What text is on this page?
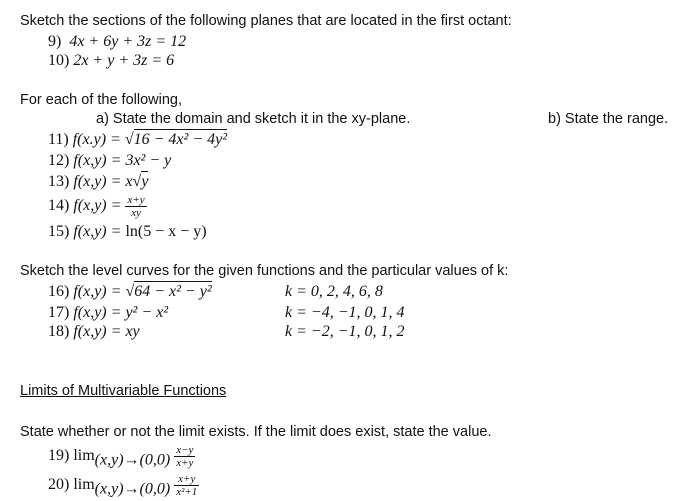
Sketch the sections of the following planes that are located in the first octant:
9) 4x + 6y + 3z = 12
10) 2x + y + 3z = 6
For each of the following,
a) State the domain and sketch it in the xy-plane.	b) State the range.
11) f(x.y) = √16 − 4x² − 4y²
12) f(x,y) = 3x² − y
13) f(x,y) = x√y
14) $f(x,y) = \frac{x+y}{xy}$
15) f(x,y) = ln(5 − x − y)
Sketch the level curves for the given functions and the particular values of k:
16) f(x,y) = √64 − x² − y²	k = 0, 2, 4, 6, 8
17) f(x,y) = y² − x²	k = −4, −1, 0, 1, 4
18) f(x,y) = xy	k = −2, −1, 0, 1, 2
Limits of Multivariable Functions
State whether or not the limit exists. If the limit does exist, state the value.
19) $\lim_{(x,y)\to(0,0)} \frac{x-y}{x+y}$
20) $\lim_{(x,y)\to(0,0)} \frac{x+y}{\text{x²+1}}$
